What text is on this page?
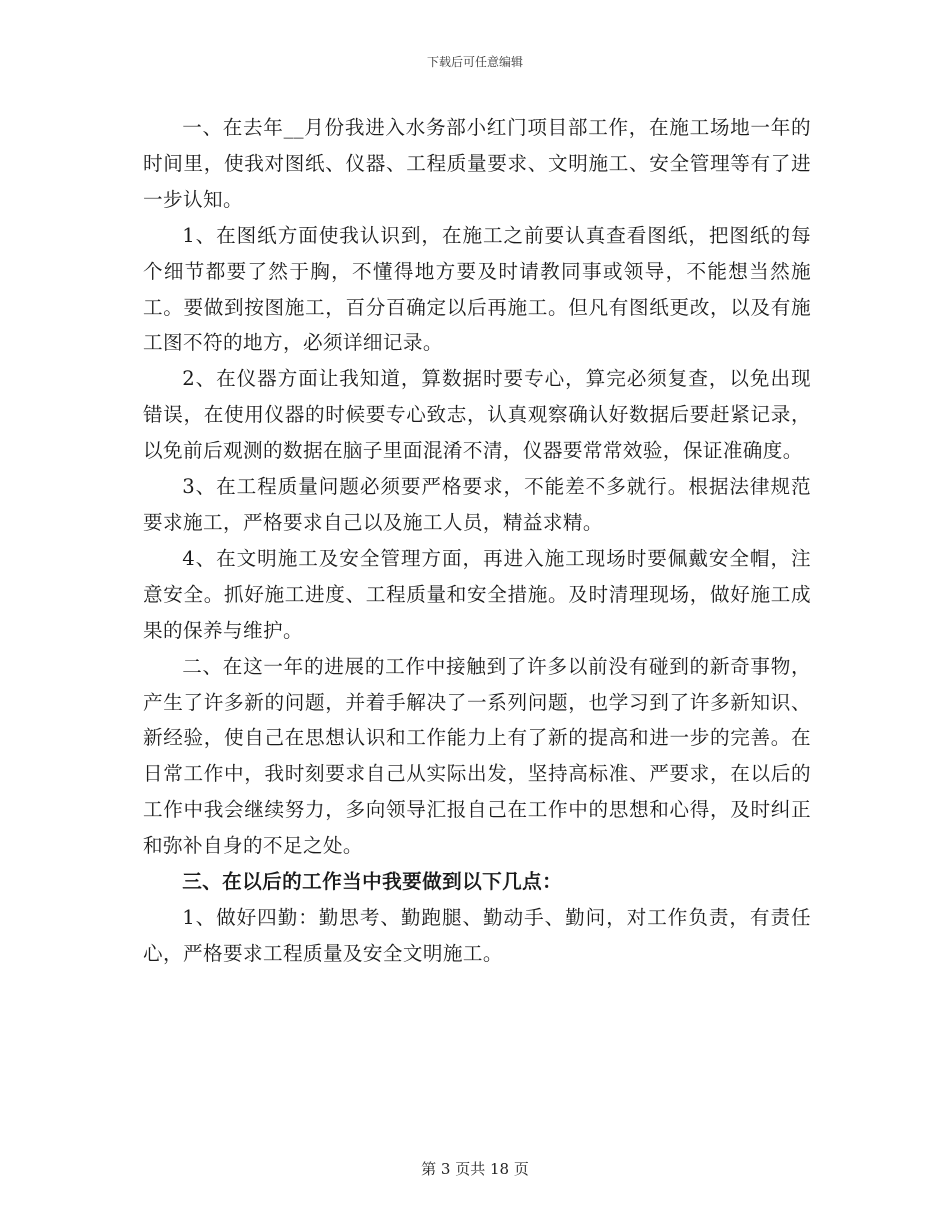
下载后可任意编辑

一、在去年__月份我进入水务部小红门项目部工作，在施工场地一年的时间里，使我对图纸、仪器、工程质量要求、文明施工、安全管理等有了进一步认知。

1、在图纸方面使我认识到，在施工之前要认真查看图纸，把图纸的每个细节都要了然于胸，不懂得地方要及时请教同事或领导，不能想当然施工。要做到按图施工，百分百确定以后再施工。但凡有图纸更改，以及有施工图不符的地方，必须详细记录。

2、在仪器方面让我知道，算数据时要专心，算完必须复查，以免出现错误，在使用仪器的时候要专心致志，认真观察确认好数据后要赶紧记录，以免前后观测的数据在脑子里面混淆不清，仪器要常常效验，保证准确度。

3、在工程质量问题必须要严格要求，不能差不多就行。根据法律规范要求施工，严格要求自己以及施工人员，精益求精。

4、在文明施工及安全管理方面，再进入施工现场时要佩戴安全帽，注意安全。抓好施工进度、工程质量和安全措施。及时清理现场，做好施工成果的保养与维护。

二、在这一年的进展的工作中接触到了许多以前没有碰到的新奇事物，产生了许多新的问题，并着手解决了一系列问题，也学习到了许多新知识、新经验，使自己在思想认识和工作能力上有了新的提高和进一步的完善。在日常工作中，我时刻要求自己从实际出发，坚持高标准、严要求，在以后的工作中我会继续努力，多向领导汇报自己在工作中的思想和心得，及时纠正和弥补自身的不足之处。

三、在以后的工作当中我要做到以下几点：

1、做好四勤：勤思考、勤跑腿、勤动手、勤问，对工作负责，有责任心，严格要求工程质量及安全文明施工。

第 3 页共 18 页
